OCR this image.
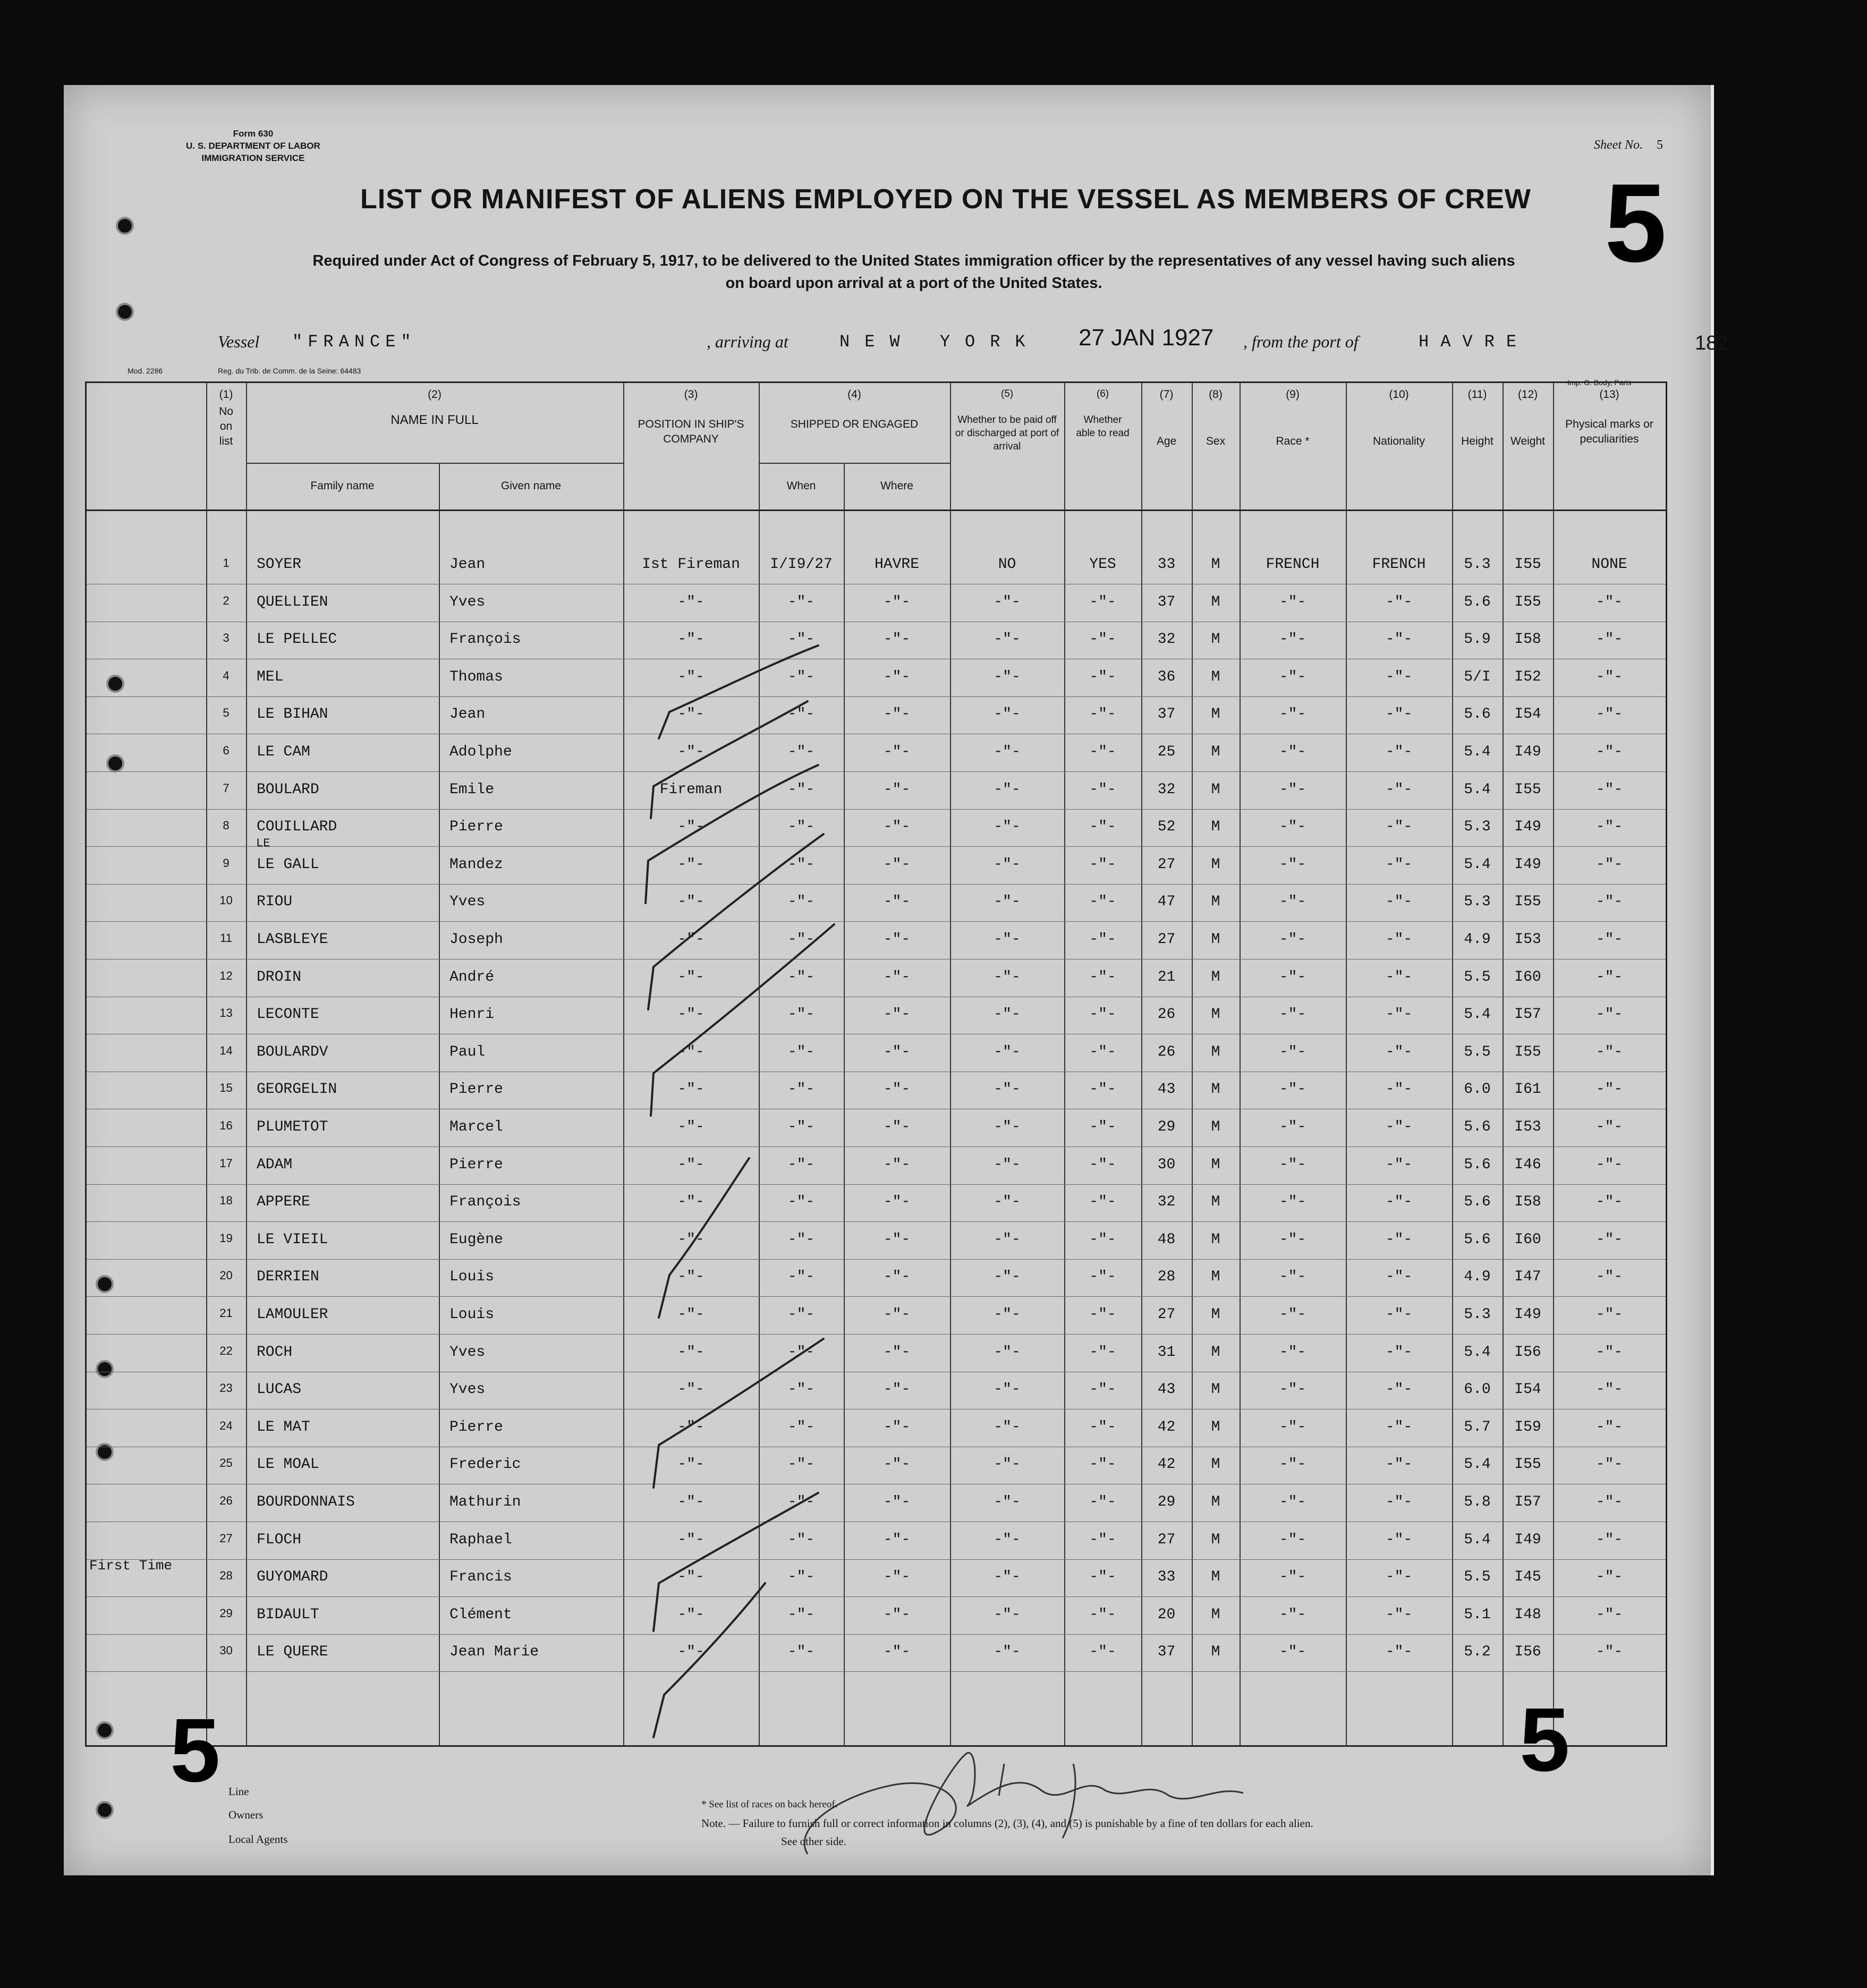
Form 630
U. S. DEPARTMENT OF LABOR
IMMIGRATION SERVICE
Sheet No. 5
5
LIST OR MANIFEST OF ALIENS EMPLOYED ON THE VESSEL AS MEMBERS OF CREW
Required under Act of Congress of February 5, 1917, to be delivered to the United States immigration officer by the representatives of any vessel having such aliens
on board upon arrival at a port of the United States.
Vessel "FRANCE"	, arriving at	NEW YORK 27 JAN 1927 , from the port of	HAVRE	182
Mod. 2286	Reg. du Trib. de Comm. de la Seine: 64483
Imp. G. Body, Paris
(1)
No on list
(2)
NAME IN FULL
Family name	Given name
(3)
POSITION IN SHIP'S COMPANY
(4)
SHIPPED OR ENGAGED
When	Where
(5)
Whether to be paid off or discharged at port of arrival
(6)
Whether able to read
(7)
Age
(8)
Sex
(9)
Race *
(10)
Nationality
(11)
Height
(12)
Weight
(13)
Physical marks or peculiarities
1	SOYER	Jean	Ist Fireman	I/I9/27	HAVRE	NO	YES	33	M	FRENCH	FRENCH	5.3	I55	NONE
2	QUELLIEN	Yves	-"-	-"-	-"-	-"-	-"-	37	M	-"-	-"-	5.6	I55	-"-
3	LE PELLEC	François	-"-	-"-	-"-	-"-	-"-	32	M	-"-	-"-	5.9	I58	-"-
4	MEL	Thomas	-"-	-"-	-"-	-"-	-"-	36	M	-"-	-"-	5/I	I52	-"-
5	LE BIHAN	Jean	-"-	-"-	-"-	-"-	-"-	37	M	-"-	-"-	5.6	I54	-"-
6	LE CAM	Adolphe	-"-	-"-	-"-	-"-	-"-	25	M	-"-	-"-	5.4	I49	-"-
7	BOULARD	Emile	Fireman	-"-	-"-	-"-	-"-	32	M	-"-	-"-	5.4	I55	-"-
8	COUILLARD	Pierre	-"-	-"-	-"-	-"-	-"-	52	M	-"-	-"-	5.3	I49	-"-
9	LE GALL	Mandez	-"-	-"-	-"-	-"-	-"-	27	M	-"-	-"-	5.4	I49	-"-
10	RIOU	Yves	-"-	-"-	-"-	-"-	-"-	47	M	-"-	-"-	5.3	I55	-"-
11	LASBLEYE	Joseph	-"-	-"-	-"-	-"-	-"-	27	M	-"-	-"-	4.9	I53	-"-
12	DROIN	André	-"-	-"-	-"-	-"-	-"-	21	M	-"-	-"-	5.5	I60	-"-
13	LECONTE	Henri	-"-	-"-	-"-	-"-	-"-	26	M	-"-	-"-	5.4	I57	-"-
14	BOULARDV	Paul	-"-	-"-	-"-	-"-	-"-	26	M	-"-	-"-	5.5	I55	-"-
15	GEORGELIN	Pierre	-"-	-"-	-"-	-"-	-"-	43	M	-"-	-"-	6.0	I61	-"-
16	PLUMETOT	Marcel	-"-	-"-	-"-	-"-	-"-	29	M	-"-	-"-	5.6	I53	-"-
17	ADAM	Pierre	-"-	-"-	-"-	-"-	-"-	30	M	-"-	-"-	5.6	I46	-"-
18	APPERE	François	-"-	-"-	-"-	-"-	-"-	32	M	-"-	-"-	5.6	I58	-"-
19	LE VIEIL	Eugène	-"-	-"-	-"-	-"-	-"-	48	M	-"-	-"-	5.6	I60	-"-
20	DERRIEN	Louis	-"-	-"-	-"-	-"-	-"-	28	M	-"-	-"-	4.9	I47	-"-
21	LAMOULER	Louis	-"-	-"-	-"-	-"-	-"-	27	M	-"-	-"-	5.3	I49	-"-
22	ROCH	Yves	-"-	-"-	-"-	-"-	-"-	31	M	-"-	-"-	5.4	I56	-"-
23	LUCAS	Yves	-"-	-"-	-"-	-"-	-"-	43	M	-"-	-"-	6.0	I54	-"-
24	LE MAT	Pierre	-"-	-"-	-"-	-"-	-"-	42	M	-"-	-"-	5.7	I59	-"-
25	LE MOAL	Frederic	-"-	-"-	-"-	-"-	-"-	42	M	-"-	-"-	5.4	I55	-"-
26	BOURDONNAIS	Mathurin	-"-	-"-	-"-	-"-	-"-	29	M	-"-	-"-	5.8	I57	-"-
27	FLOCH	Raphael	-"-	-"-	-"-	-"-	-"-	27	M	-"-	-"-	5.4	I49	-"-
28	GUYOMARD	Francis	-"-	-"-	-"-	-"-	-"-	33	M	-"-	-"-	5.5	I45	-"-
29	BIDAULT	Clément	-"-	-"-	-"-	-"-	-"-	20	M	-"-	-"-	5.1	I48	-"-
30	LE QUERE	Jean Marie	-"-	-"-	-"-	-"-	-"-	37	M	-"-	-"-	5.2	I56	-"-
First Time
LE
5	5
Line
Owners
Local Agents
* See list of races on back hereof.
Note. — Failure to furnish full or correct information in columns (2), (3), (4), and (5) is punishable by a fine of ten dollars for each alien.
See other side.
